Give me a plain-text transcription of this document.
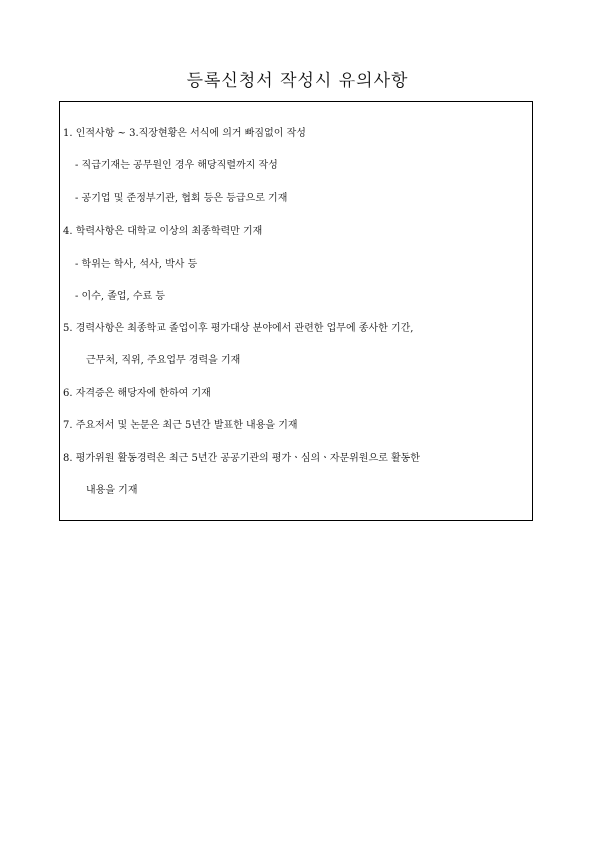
등록신청서 작성시 유의사항
1. 인적사항 ~ 3.직장현황은 서식에 의거 빠짐없이 작성
- 직급기재는 공무원인 경우 해당직렬까지 작성
- 공기업 및 준정부기관, 협회 등은 등급으로 기재
4. 학력사항은 대학교 이상의 최종학력만 기재
- 학위는 학사, 석사, 박사 등
- 이수, 졸업, 수료 등
5. 경력사항은 최종학교 졸업이후 평가대상 분야에서 관련한 업무에 종사한 기간,
근무처, 직위, 주요업무 경력을 기재
6. 자격증은 해당자에 한하여 기재
7. 주요저서 및 논문은 최근 5년간 발표한 내용을 기재
8. 평가위원 활동경력은 최근 5년간 공공기관의 평가ㆍ심의ㆍ자문위원으로 활동한
내용을 기재
